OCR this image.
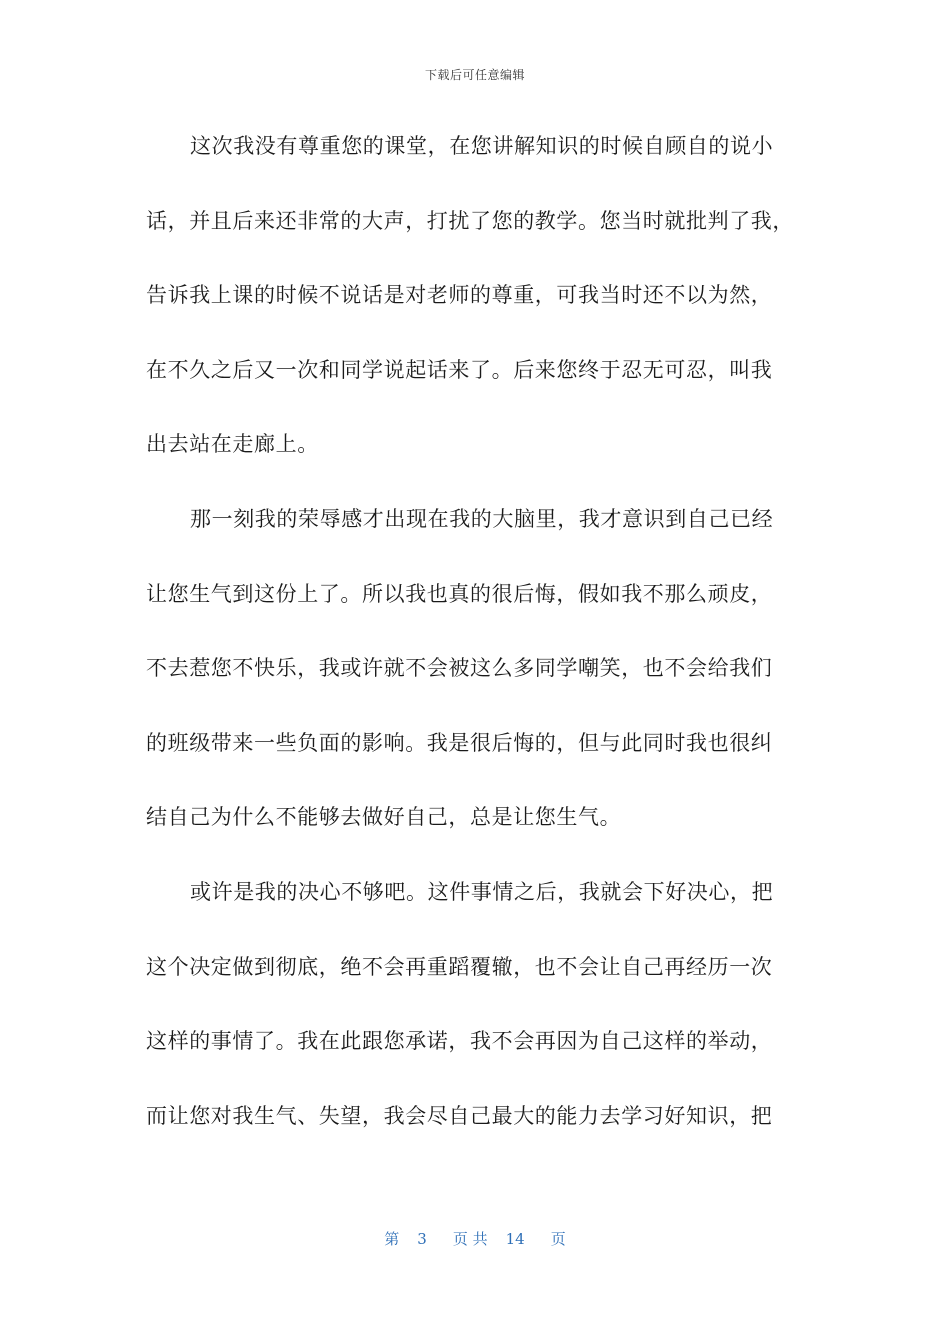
下载后可任意编辑
这次我没有尊重您的课堂，在您讲解知识的时候自顾自的说小
话，并且后来还非常的大声，打扰了您的教学。您当时就批判了我，
告诉我上课的时候不说话是对老师的尊重，可我当时还不以为然，
在不久之后又一次和同学说起话来了。后来您终于忍无可忍，叫我
出去站在走廊上。
那一刻我的荣辱感才出现在我的大脑里，我才意识到自己已经
让您生气到这份上了。所以我也真的很后悔，假如我不那么顽皮，
不去惹您不快乐，我或许就不会被这么多同学嘲笑，也不会给我们
的班级带来一些负面的影响。我是很后悔的，但与此同时我也很纠
结自己为什么不能够去做好自己，总是让您生气。
或许是我的决心不够吧。这件事情之后，我就会下好决心，把
这个决定做到彻底，绝不会再重蹈覆辙，也不会让自己再经历一次
这样的事情了。我在此跟您承诺，我不会再因为自己这样的举动，
而让您对我生气、失望，我会尽自己最大的能力去学习好知识，把
第 3 页 共 14 页
